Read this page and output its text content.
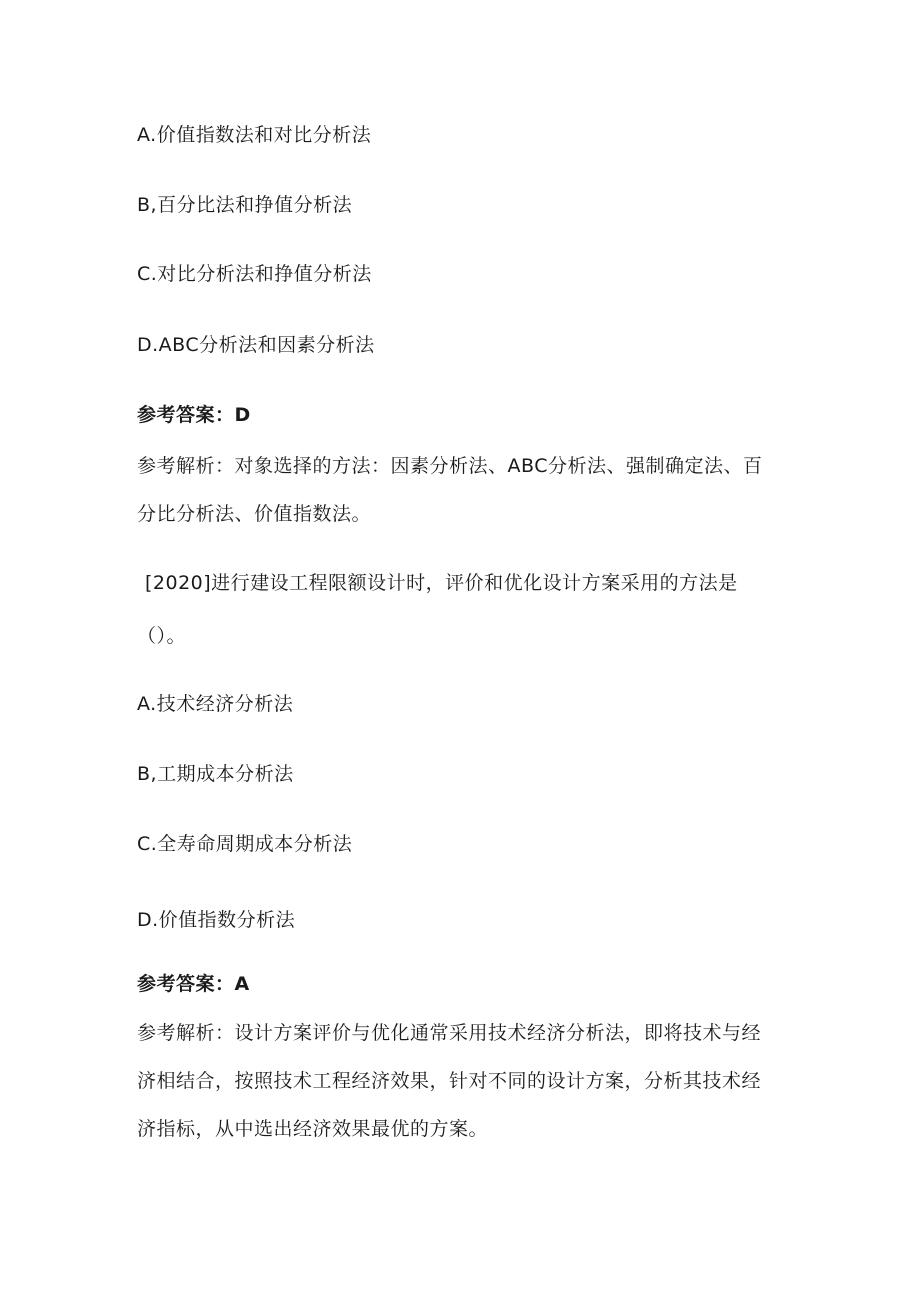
A.价值指数法和对比分析法
B,百分比法和挣值分析法
C.对比分析法和挣值分析法
D.ABC分析法和因素分析法
参考答案：D
参考解析：对象选择的方法：因素分析法、ABC分析法、强制确定法、百
分比分析法、价值指数法。
[2020]进行建设工程限额设计时，评价和优化设计方案采用的方法是
（）。
A.技术经济分析法
B,工期成本分析法
C.全寿命周期成本分析法
D.价值指数分析法
参考答案：A
参考解析：设计方案评价与优化通常采用技术经济分析法，即将技术与经
济相结合，按照技术工程经济效果，针对不同的设计方案，分析其技术经
济指标，从中选出经济效果最优的方案。
